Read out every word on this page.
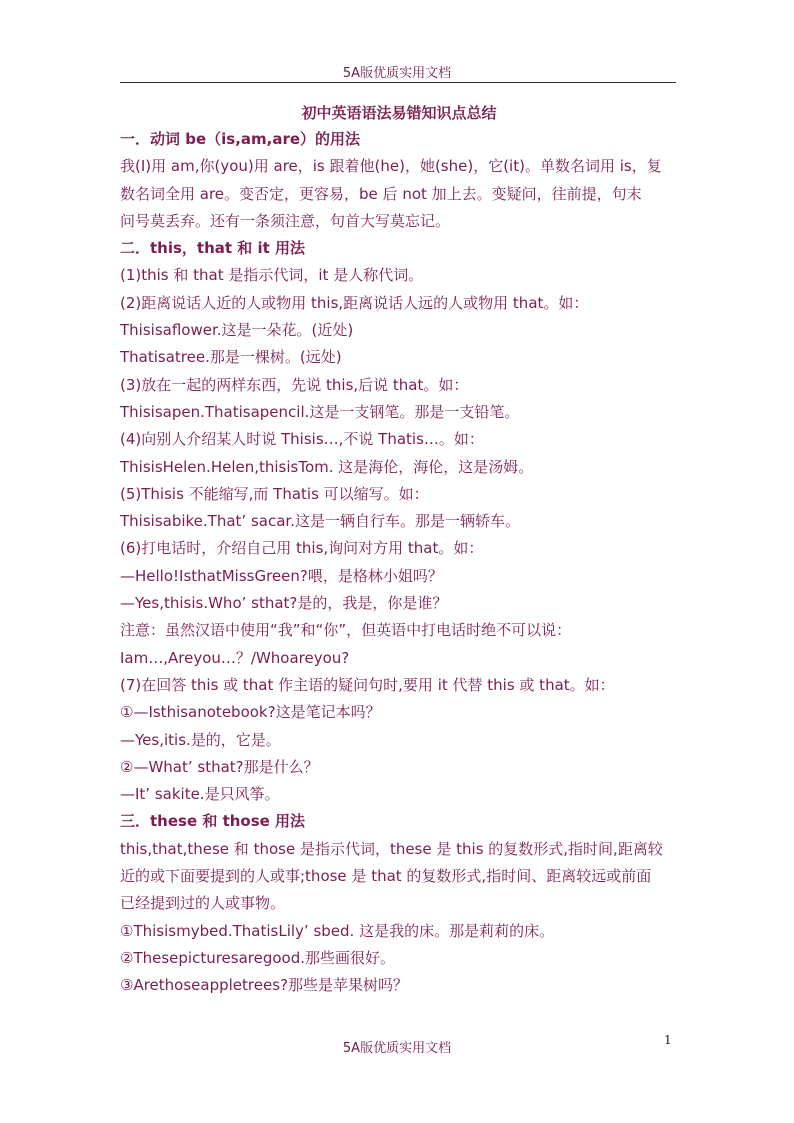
5A版优质实用文档
初中英语语法易错知识点总结
一．动词 be（is,am,are）的用法
我(I)用 am,你(you)用 are，is 跟着他(he)，她(she)，它(it)。单数名词用 is，复
数名词全用 are。变否定，更容易，be 后 not 加上去。变疑问，往前提，句末
问号莫丢弃。还有一条须注意，句首大写莫忘记。
二．this，that 和 it 用法
(1)this 和 that 是指示代词，it 是人称代词。
(2)距离说话人近的人或物用 this,距离说话人远的人或物用 that。如：
Thisisaflower.这是一朵花。(近处)
Thatisatree.那是一棵树。(远处)
(3)放在一起的两样东西，先说 this,后说 that。如：
Thisisapen.Thatisapencil.这是一支钢笔。那是一支铅笔。
(4)向别人介绍某人时说 Thisis…,不说 Thatis…。如：
ThisisHelen.Helen,thisisTom. 这是海伦，海伦，这是汤姆。
(5)Thisis 不能缩写,而 Thatis 可以缩写。如：
Thisisabike.That’ sacar.这是一辆自行车。那是一辆轿车。
(6)打电话时，介绍自己用 this,询问对方用 that。如：
—Hello!IsthatMissGreen?喂，是格林小姐吗？
—Yes,thisis.Who’ sthat?是的，我是，你是谁？
注意：虽然汉语中使用“我”和“你”，但英语中打电话时绝不可以说：
Iam…,Areyou…？/Whoareyou?
(7)在回答 this 或 that 作主语的疑问句时,要用 it 代替 this 或 that。如：
①—Isthisanotebook?这是笔记本吗？
—Yes,itis.是的，它是。
②—What’ sthat?那是什么？
—It’ sakite.是只风筝。
三．these 和 those 用法
this,that,these 和 those 是指示代词，these 是 this 的复数形式,指时间,距离较
近的或下面要提到的人或事;those 是 that 的复数形式,指时间、距离较远或前面
已经提到过的人或事物。
①Thisismybed.ThatisLily’ sbed. 这是我的床。那是莉莉的床。
②Thesepicturesaregood.那些画很好。
③Arethoseappletrees?那些是苹果树吗？
1
5A版优质实用文档
